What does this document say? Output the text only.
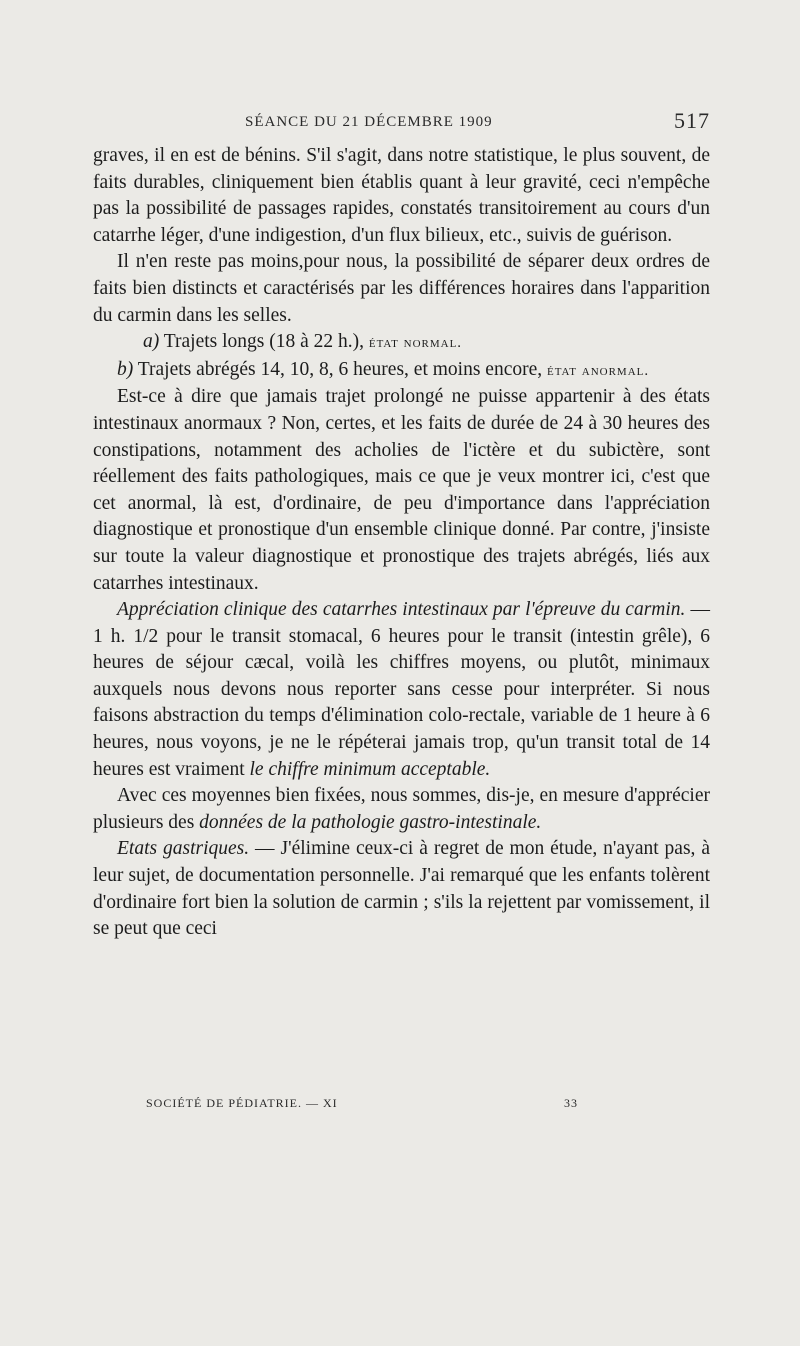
SÉANCE DU 21 DÉCEMBRE 1909	517

graves, il en est de bénins. S'il s'agit, dans notre statistique, le plus souvent, de faits durables, cliniquement bien établis quant à leur gravité, ceci n'empêche pas la possibilité de passages rapides, constatés transitoirement au cours d'un catarrhe léger, d'une indigestion, d'un flux bilieux, etc., suivis de guérison.

Il n'en reste pas moins,pour nous, la possibilité de séparer deux ordres de faits bien distincts et caractérisés par les différences horaires dans l'apparition du carmin dans les selles.

a) Trajets longs (18 à 22 h.), état normal.

b) Trajets abrégés 14, 10, 8, 6 heures, et moins encore, état anormal.

Est-ce à dire que jamais trajet prolongé ne puisse appartenir à des états intestinaux anormaux ? Non, certes, et les faits de durée de 24 à 30 heures des constipations, notamment des acholies de l'ictère et du subictère, sont réellement des faits pathologiques, mais ce que je veux montrer ici, c'est que cet anormal, là est, d'ordinaire, de peu d'importance dans l'appréciation diagnostique et pronostique d'un ensemble clinique donné. Par contre, j'insiste sur toute la valeur diagnostique et pronostique des trajets abrégés, liés aux catarrhes intestinaux.

Appréciation clinique des catarrhes intestinaux par l'épreuve du carmin. — 1 h. 1/2 pour le transit stomacal, 6 heures pour le transit (intestin grêle), 6 heures de séjour cæcal, voilà les chiffres moyens, ou plutôt, minimaux auxquels nous devons nous reporter sans cesse pour interpréter. Si nous faisons abstraction du temps d'élimination colo-rectale, variable de 1 heure à 6 heures, nous voyons, je ne le répéterai jamais trop, qu'un transit total de 14 heures est vraiment le chiffre minimum acceptable.

Avec ces moyennes bien fixées, nous sommes, dis-je, en mesure d'apprécier plusieurs des données de la pathologie gastro-intestinale.

Etats gastriques. — J'élimine ceux-ci à regret de mon étude, n'ayant pas, à leur sujet, de documentation personnelle. J'ai remarqué que les enfants tolèrent d'ordinaire fort bien la solution de carmin ; s'ils la rejettent par vomissement, il se peut que ceci

SOCIÉTÉ DE PÉDIATRIE. — XI	33
